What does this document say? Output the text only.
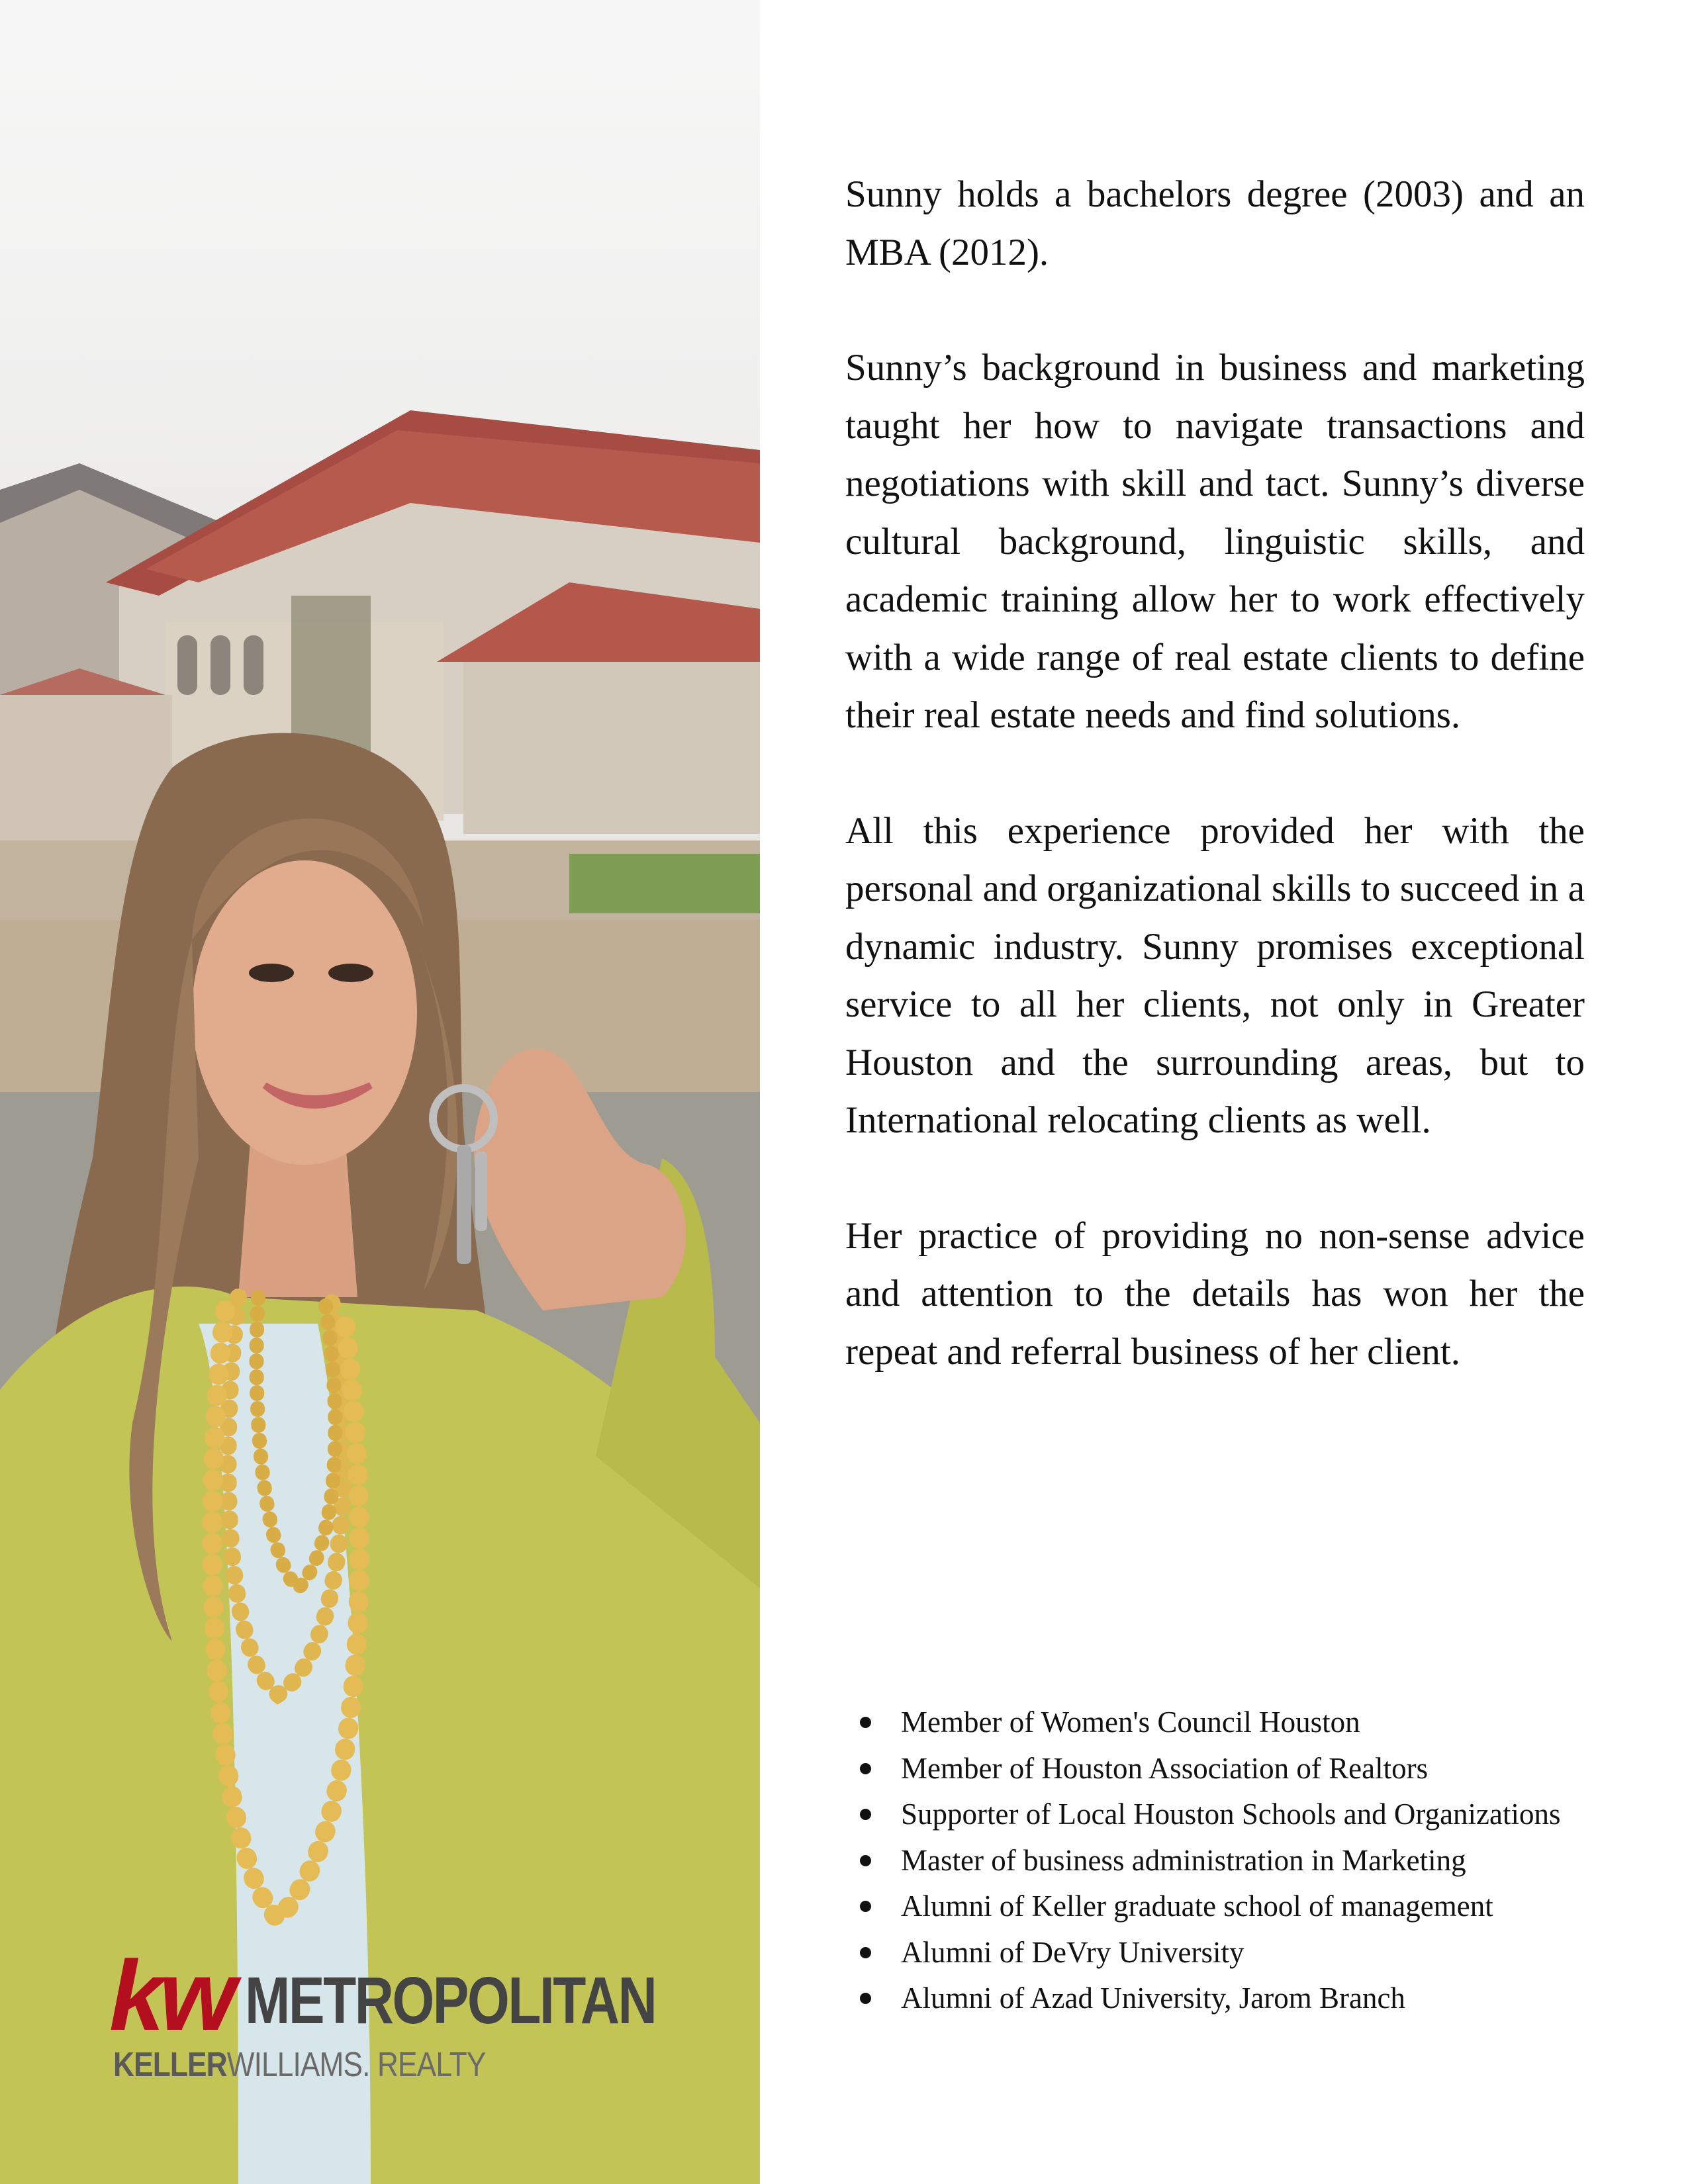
kw METROPOLITAN
KELLERWILLIAMS. REALTY

Sunny holds a bachelors degree (2003) and an MBA (2012).

Sunny’s background in business and marketing taught her how to navigate transactions and negotiations with skill and tact. Sunny’s diverse cultural background, linguistic skills, and academic training allow her to work effectively with a wide range of real estate clients to define their real estate needs and find solutions.

All this experience provided her with the personal and organizational skills to succeed in a dynamic industry. Sunny promises exceptional service to all her clients, not only in Greater Houston and the surrounding areas, but to International relocating clients as well.

Her practice of providing no non-sense advice and attention to the details has won her the repeat and referral business of her client.

Member of Women's Council Houston
Member of Houston Association of Realtors
Supporter of Local Houston Schools and Organizations
Master of business administration in Marketing
Alumni of Keller graduate school of management
Alumni of DeVry University
Alumni of Azad University, Jarom Branch
